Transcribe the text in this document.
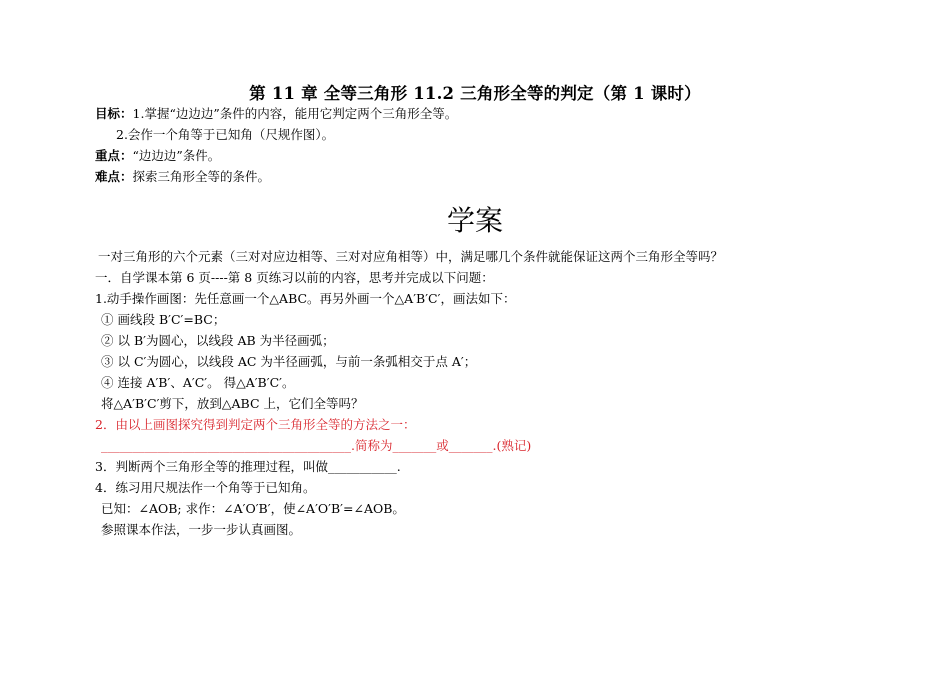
第 11 章 全等三角形 11.2 三角形全等的判定（第 1 课时）
目标：1.掌握“边边边”条件的内容，能用它判定两个三角形全等。
2.会作一个角等于已知角（尺规作图）。
重点：“边边边”条件。
难点：探索三角形全等的条件。
学案
一对三角形的六个元素（三对对应边相等、三对对应角相等）中，满足哪几个条件就能保证这两个三角形全等吗？
一．自学课本第 6 页----第 8 页练习以前的内容，思考并完成以下问题：
1.动手操作画图：先任意画一个△ABC。再另外画一个△A′B′C′，画法如下：
① 画线段 B′C′=BC；
② 以 B′为圆心，以线段 AB 为半径画弧；
③ 以 C′为圆心，以线段 AC 为半径画弧，与前一条弧相交于点 A′；
④ 连接 A′B′、A′C′。 得△A′B′C′。
将△A′B′C′剪下，放到△ABC 上，它们全等吗？
2．由以上画图探究得到判定两个三角形全等的方法之一：
________________________________________.简称为_______或_______.(熟记)
3．判断两个三角形全等的推理过程，叫做___________.
4．练习用尺规法作一个角等于已知角。
已知：∠AOB; 求作：∠A′O′B′，使∠A′O′B′=∠AOB。
参照课本作法，一步一步认真画图。
